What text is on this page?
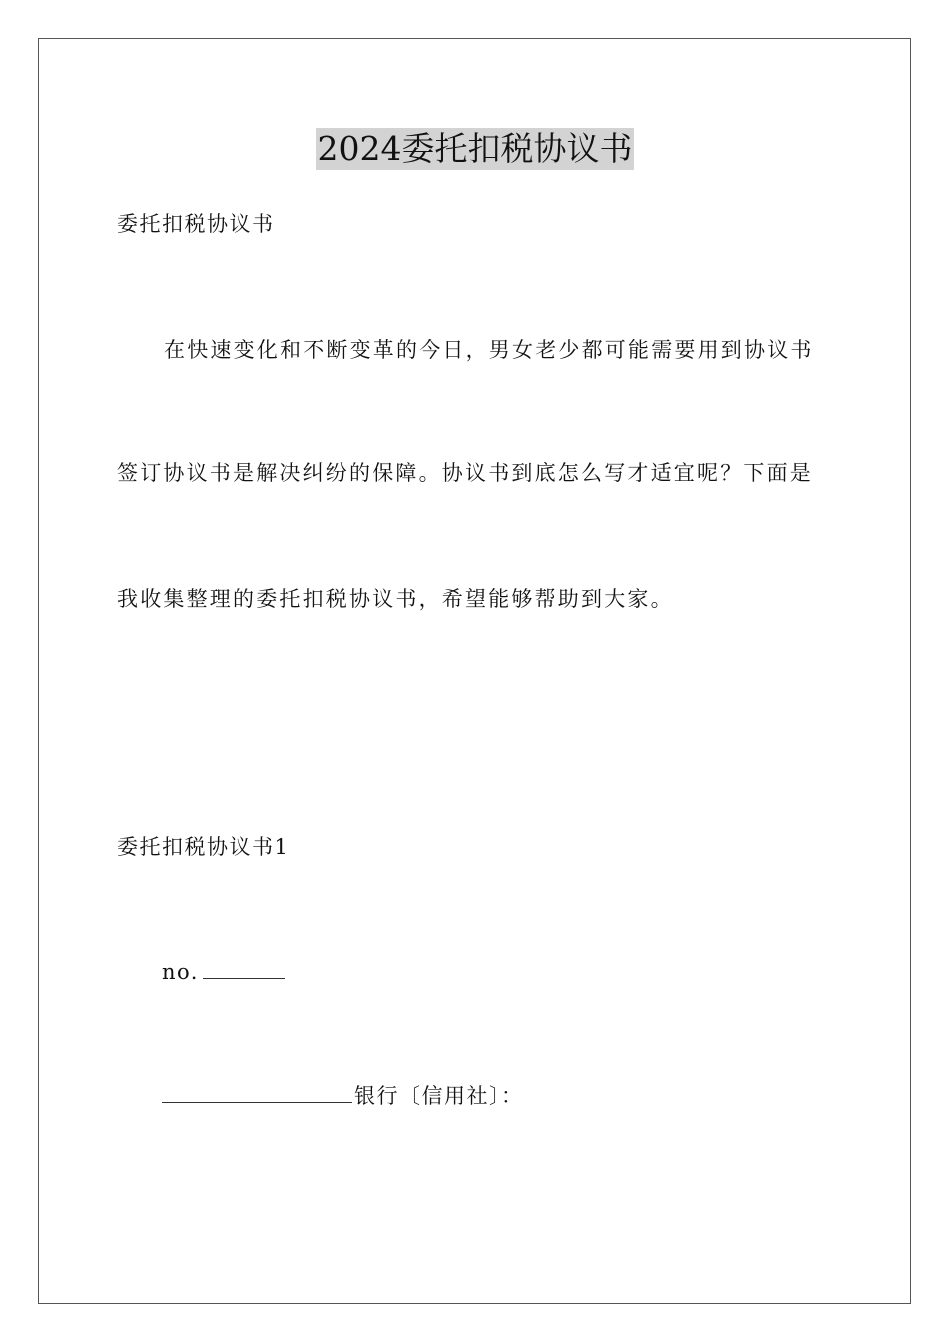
2024委托扣税协议书
委托扣税协议书
在快速变化和不断变革的今日，男女老少都可能需要用到协议书
签订协议书是解决纠纷的保障。协议书到底怎么写才适宜呢？下面是
我收集整理的委托扣税协议书，希望能够帮助到大家。
委托扣税协议书1
no.
银行〔信用社〕：
